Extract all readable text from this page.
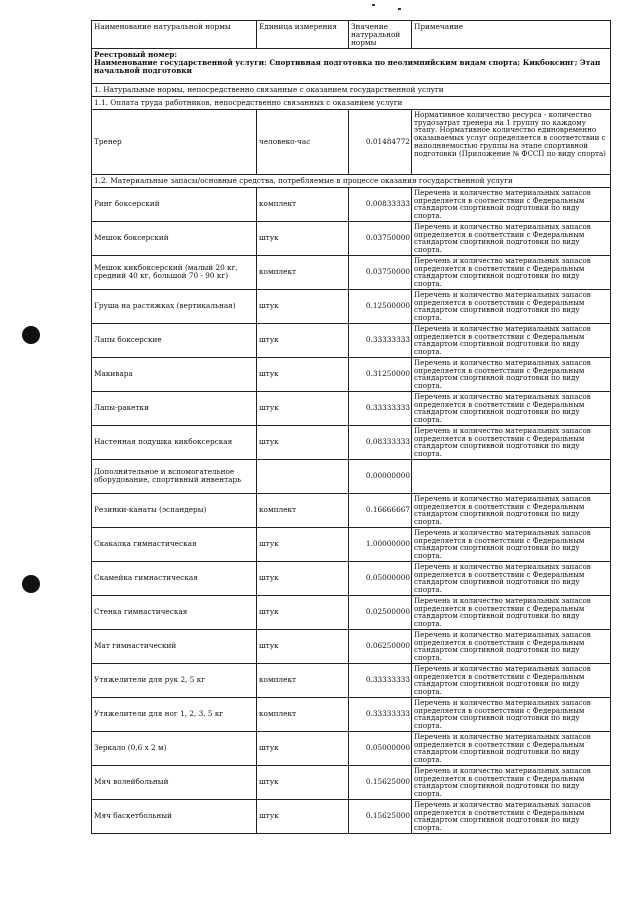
Наименование натуральной нормы	Единица измерения	Значение натуральной нормы	Примечание

Реестровый номер:
Наименование государственной услуги: Спортивная подготовка по неолимпийским видам спорта; Кикбоксинг; Этап начальной подготовки			

1. Натуральные нормы, непосредственно связанные с оказанием государственной услуги			
1.1. Оплата труда работников, непосредственно связанных с оказанием услуги			
Тренер	человеко-час	0.01484772	Нормативное количество ресурса - количество трудозатрат тренера на 1 группу по каждому этапу. Нормативное количество единовременно оказываемых услуг определяется в соответствии с наполняемостью группы на этапе спортивной подготовки (Приложение № ФССП по виду спорта)
1.2. Материальные запасы/основные средства, потребляемые в процессе оказания государственной услуги			
Ринг боксерский	комплект	0.00833333	Перечень и количество материальных запасов определяется в соответствии с Федеральным стандартом спортивной подготовки по виду спорта.
Мешок боксерский	штук	0.03750000	Перечень и количество материальных запасов определяется в соответствии с Федеральным стандартом спортивной подготовки по виду спорта.
Мешок кикбоксерский (малый 20 кг, средний 40 кг, большой 70 - 90 кг)	комплект	0.03750000	Перечень и количество материальных запасов определяется в соответствии с Федеральным стандартом спортивной подготовки по виду спорта.
Груша на растяжках (вертикальная)	штук	0.12500000	Перечень и количество материальных запасов определяется в соответствии с Федеральным стандартом спортивной подготовки по виду спорта.
Лапы боксерские	штук	0.33333333	Перечень и количество материальных запасов определяется в соответствии с Федеральным стандартом спортивной подготовки по виду спорта.
Макивара	штук	0.31250000	Перечень и количество материальных запасов определяется в соответствии с Федеральным стандартом спортивной подготовки по виду спорта.
Лапы-ракетки	штук	0.33333333	Перечень и количество материальных запасов определяется в соответствии с Федеральным стандартом спортивной подготовки по виду спорта.
Настенная подушка кикбоксерская	штук	0.08333333	Перечень и количество материальных запасов определяется в соответствии с Федеральным стандартом спортивной подготовки по виду спорта.
Дополнительное и вспомогательное оборудование, спортивный инвентарь		0.00000000	
Резинки-канаты (эспандеры)	комплект	0.16666667	Перечень и количество материальных запасов определяется в соответствии с Федеральным стандартом спортивной подготовки по виду спорта.
Скакалка гимнастическая	штук	1.00000000	Перечень и количество материальных запасов определяется в соответствии с Федеральным стандартом спортивной подготовки по виду спорта.
Скамейка гимнастическая	штук	0.05000000	Перечень и количество материальных запасов определяется в соответствии с Федеральным стандартом спортивной подготовки по виду спорта.
Стенка гимнастическая	штук	0.02500000	Перечень и количество материальных запасов определяется в соответствии с Федеральным стандартом спортивной подготовки по виду спорта.
Мат гимнастический	штук	0.06250000	Перечень и количество материальных запасов определяется в соответствии с Федеральным стандартом спортивной подготовки по виду спорта.
Утяжелители для рук 2, 5 кг	комплект	0.33333333	Перечень и количество материальных запасов определяется в соответствии с Федеральным стандартом спортивной подготовки по виду спорта.
Утяжелители для ног 1, 2, 3, 5 кг	комплект	0.33333333	Перечень и количество материальных запасов определяется в соответствии с Федеральным стандартом спортивной подготовки по виду спорта.
Зеркало (0,6 х 2 м)	штук	0.05000000	Перечень и количество материальных запасов определяется в соответствии с Федеральным стандартом спортивной подготовки по виду спорта.
Мяч волейбольный	штук	0.15625000	Перечень и количество материальных запасов определяется в соответствии с Федеральным стандартом спортивной подготовки по виду спорта.
Мяч баскетбольный	штук	0.15625000	Перечень и количество материальных запасов определяется в соответствии с Федеральным стандартом спортивной подготовки по виду спорта.
